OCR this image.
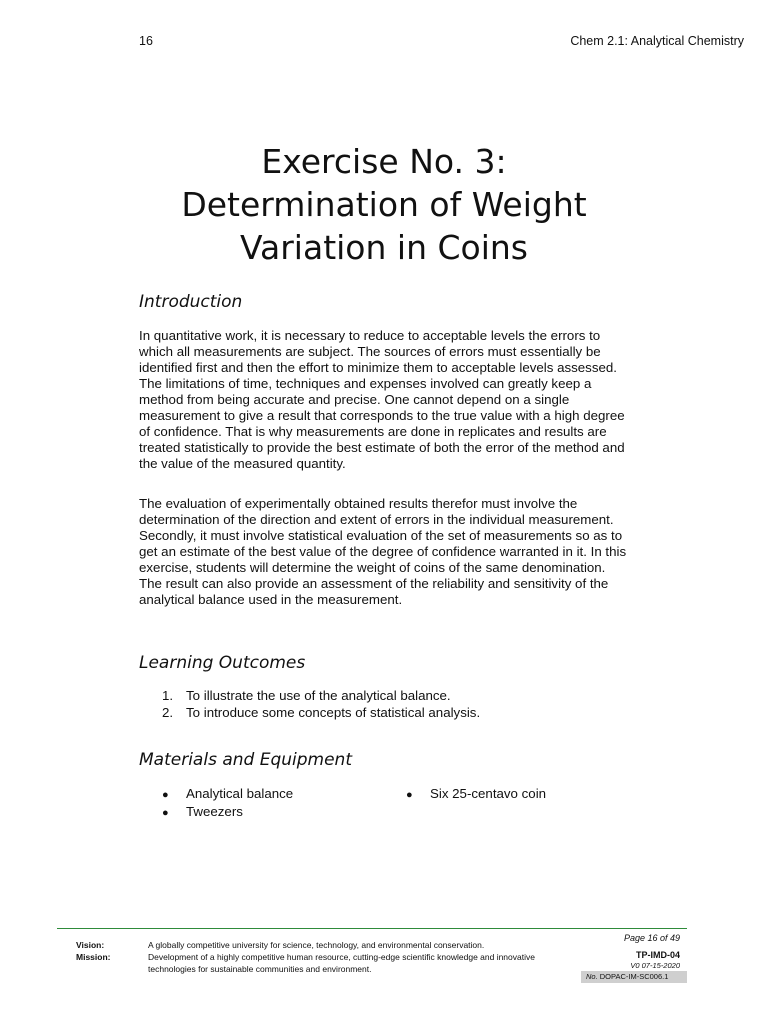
16	Chem 2.1: Analytical Chemistry
Exercise No. 3:
Determination of Weight
Variation in Coins
Introduction

In quantitative work, it is necessary to reduce to acceptable levels the errors to which all measurements are subject. The sources of errors must essentially be identified first and then the effort to minimize them to acceptable levels assessed. The limitations of time, techniques and expenses involved can greatly keep a method from being accurate and precise. One cannot depend on a single measurement to give a result that corresponds to the true value with a high degree of confidence. That is why measurements are done in replicates and results are treated statistically to provide the best estimate of both the error of the method and the value of the measured quantity.

The evaluation of experimentally obtained results therefor must involve the determination of the direction and extent of errors in the individual measurement. Secondly, it must involve statistical evaluation of the set of measurements so as to get an estimate of the best value of the degree of confidence warranted in it. In this exercise, students will determine the weight of coins of the same denomination. The result can also provide an assessment of the reliability and sensitivity of the analytical balance used in the measurement.

Learning Outcomes
1. To illustrate the use of the analytical balance.
2. To introduce some concepts of statistical analysis.
Materials and Equipment
● Analytical balance
● Tweezers
● Six 25-centavo coin
Vision:	A globally competitive university for science, technology, and environmental conservation.
Mission:	Development of a highly competitive human resource, cutting-edge scientific knowledge and innovative technologies for sustainable communities and environment.
Page 16 of 49
TP-IMD-04
V0 07-15-2020
No. DOPAC-IM-SC006.1
